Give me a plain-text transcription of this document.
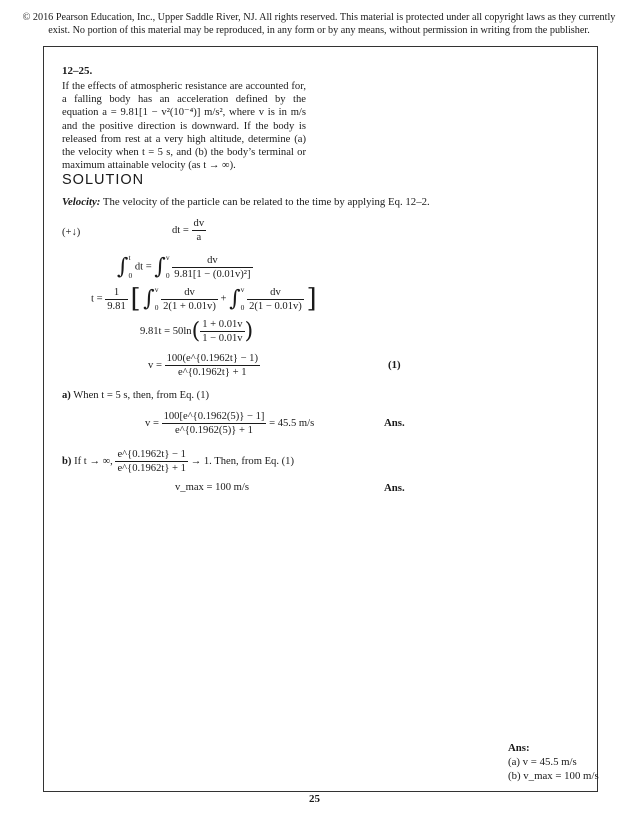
© 2016 Pearson Education, Inc., Upper Saddle River, NJ. All rights reserved. This material is protected under all copyright laws as they currently exist. No portion of this material may be reproduced, in any form or by any means, without permission in writing from the publisher.
12–25.
If the effects of atmospheric resistance are accounted for, a falling body has an acceleration defined by the equation a = 9.81[1 − v²(10⁻⁴)] m/s², where v is in m/s and the positive direction is downward. If the body is released from rest at a very high altitude, determine (a) the velocity when t = 5 s, and (b) the body’s terminal or maximum attainable velocity (as t → ∞).
SOLUTION
Velocity: The velocity of the particle can be related to the time by applying Eq. 12–2.
(+↓)	dt = $\frac{dv}{a}$
∫ t
0
dt = ∫ v
0
$\frac{dv}{\text{9.81[1 − (0.01v)²]}}$
$t = \frac{1}{9.81}$ [ ∫ v
0
$\frac{dv}{2(1 + 0.01v)}$ + ∫ v
0
$\frac{dv}{2(1 - 0.01v)}$ ]
$9.81t = 50\ln( \frac{1 + 0.01v}{1 - 0.01v}$ )
$v = \frac{100(e\^{}\{0.1962t\} - 1)}{e\^{}\{0.1962t\} + 1}$	(1)
a) When t = 5 s, then, from Eq. (1)
$v = \frac{100[e\^{}\{0.1962(5)\} - 1]}{e\^{}\{0.1962(5)\} + 1} = 45.5$ m/s	Ans.
b) If t → ∞, $\frac{e\^{}\{0.1962t\} - 1}{e\^{}\{0.1962t\} + 1} \to 1$. Then, from Eq. (1)
v_max = 100 m/s	Ans.
Ans:
(a) v = 45.5 m/s
(b) v_max = 100 m/s
25
